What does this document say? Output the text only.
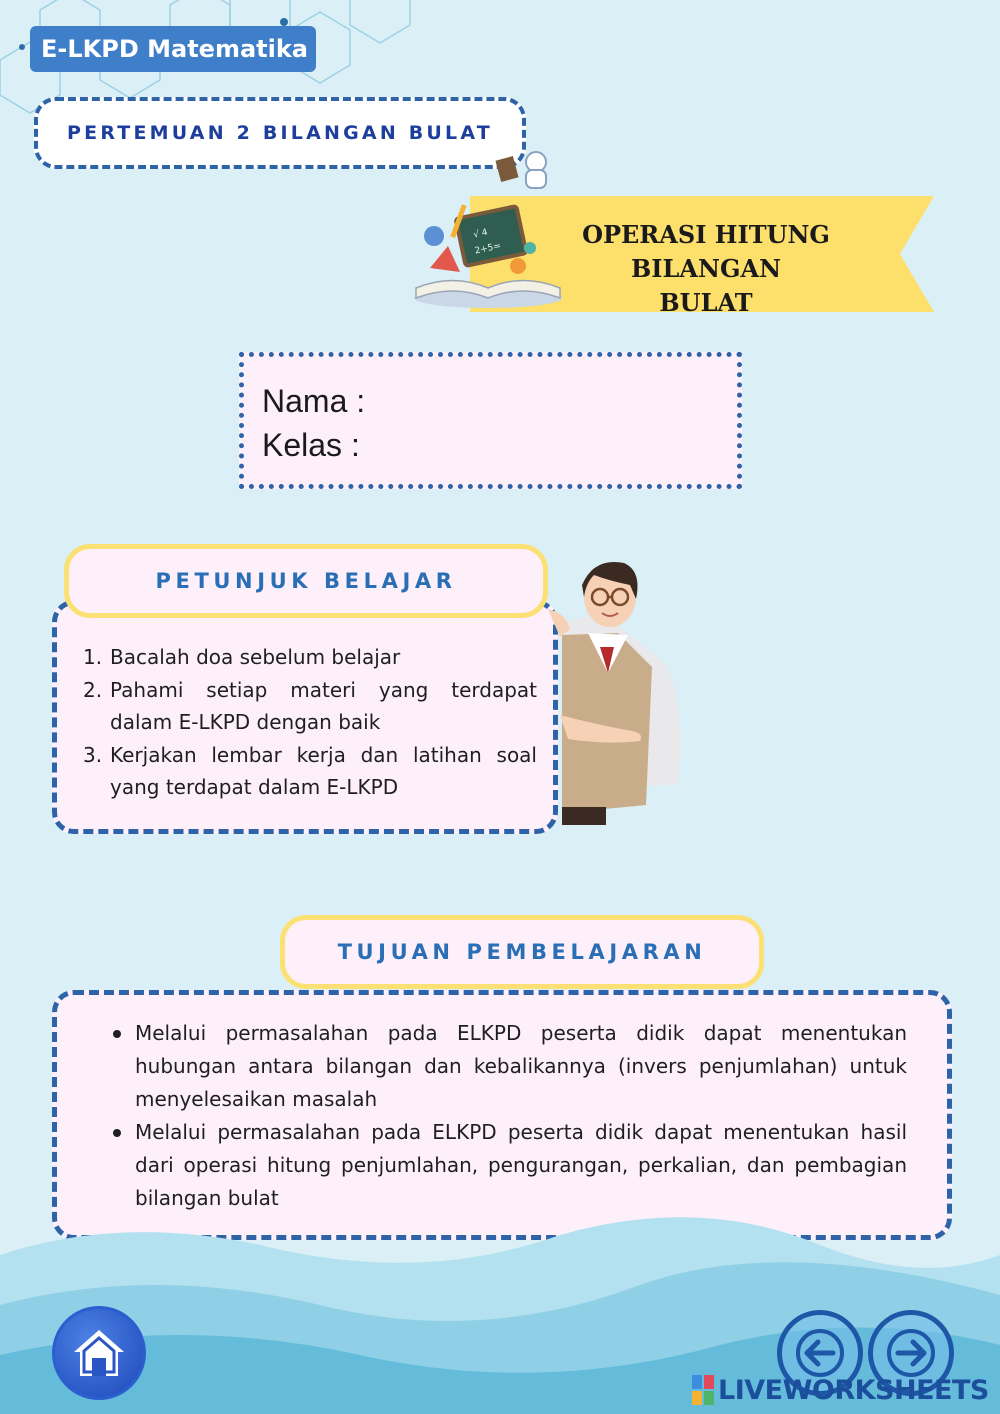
E-LKPD Matematika
PERTEMUAN 2 BILANGAN BULAT
√ 4
2+5=	OPERASI HITUNG BILANGAN
BULAT
Nama :
Kelas :
1. Bacalah doa sebelum belajar
2. Pahami setiap materi yang terdapat dalam E-LKPD dengan baik
3. Kerjakan lembar kerja dan latihan soal yang terdapat dalam E-LKPD
PETUNJUK BELAJAR
TUJUAN PEMBELAJARAN
Melalui permasalahan pada ELKPD peserta didik dapat menentukan hubungan antara bilangan dan kebalikannya (invers penjumlahan) untuk menyelesaikan masalah
Melalui permasalahan pada ELKPD peserta didik dapat menentukan hasil dari operasi hitung penjumlahan, pengurangan, perkalian, dan pembagian bilangan bulat
LIVEWORKSHEETS
